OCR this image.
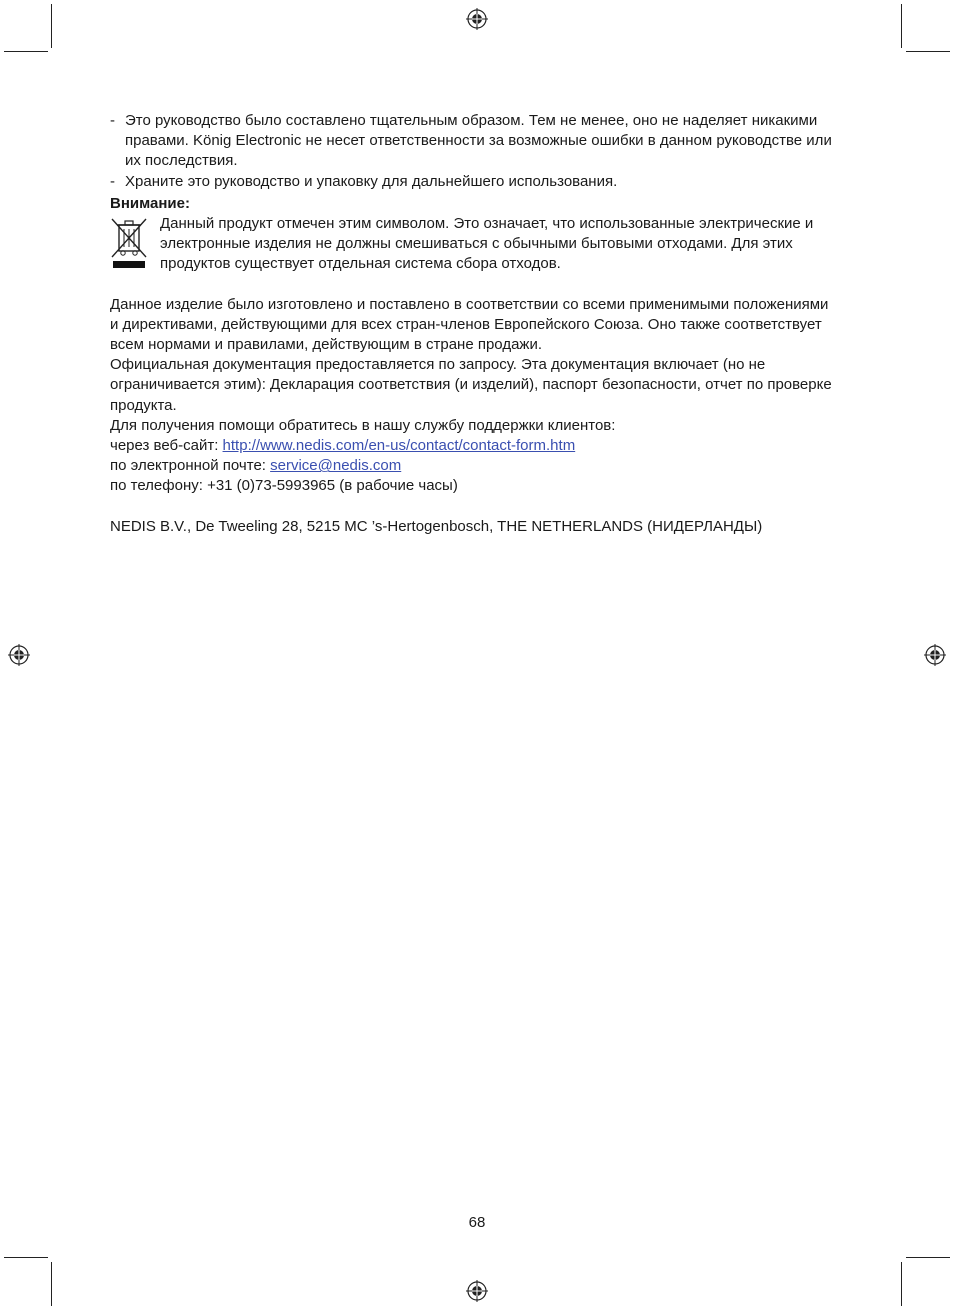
- Это руководство было составлено тщательным образом. Тем не менее, оно не наделяет никакими правами. König Electronic не несет ответственности за возможные ошибки в данном руководстве или их последствия.
- Храните это руководство и упаковку для дальнейшего использования.
Внимание:
Данный продукт отмечен этим символом. Это означает, что использованные электрические и электронные изделия не должны смешиваться с обычными бытовыми отходами. Для этих продуктов существует отдельная система сбора отходов.
Данное изделие было изготовлено и поставлено в соответствии со всеми применимыми положениями и директивами, действующими для всех стран-членов Европейского Союза. Оно также соответствует всем нормами и правилами, действующим в стране продажи.
Официальная документация предоставляется по запросу. Эта документация включает (но не ограничивается этим): Декларация соответствия (и изделий), паспорт безопасности, отчет по проверке продукта.
Для получения помощи обратитесь в нашу службу поддержки клиентов:
через веб-сайт: http://www.nedis.com/en-us/contact/contact-form.htm
по электронной почте: service@nedis.com
по телефону: +31 (0)73-5993965 (в рабочие часы)
NEDIS B.V., De Tweeling 28, 5215 MC ’s-Hertogenbosch, THE NETHERLANDS (НИДЕРЛАНДЫ)
68
